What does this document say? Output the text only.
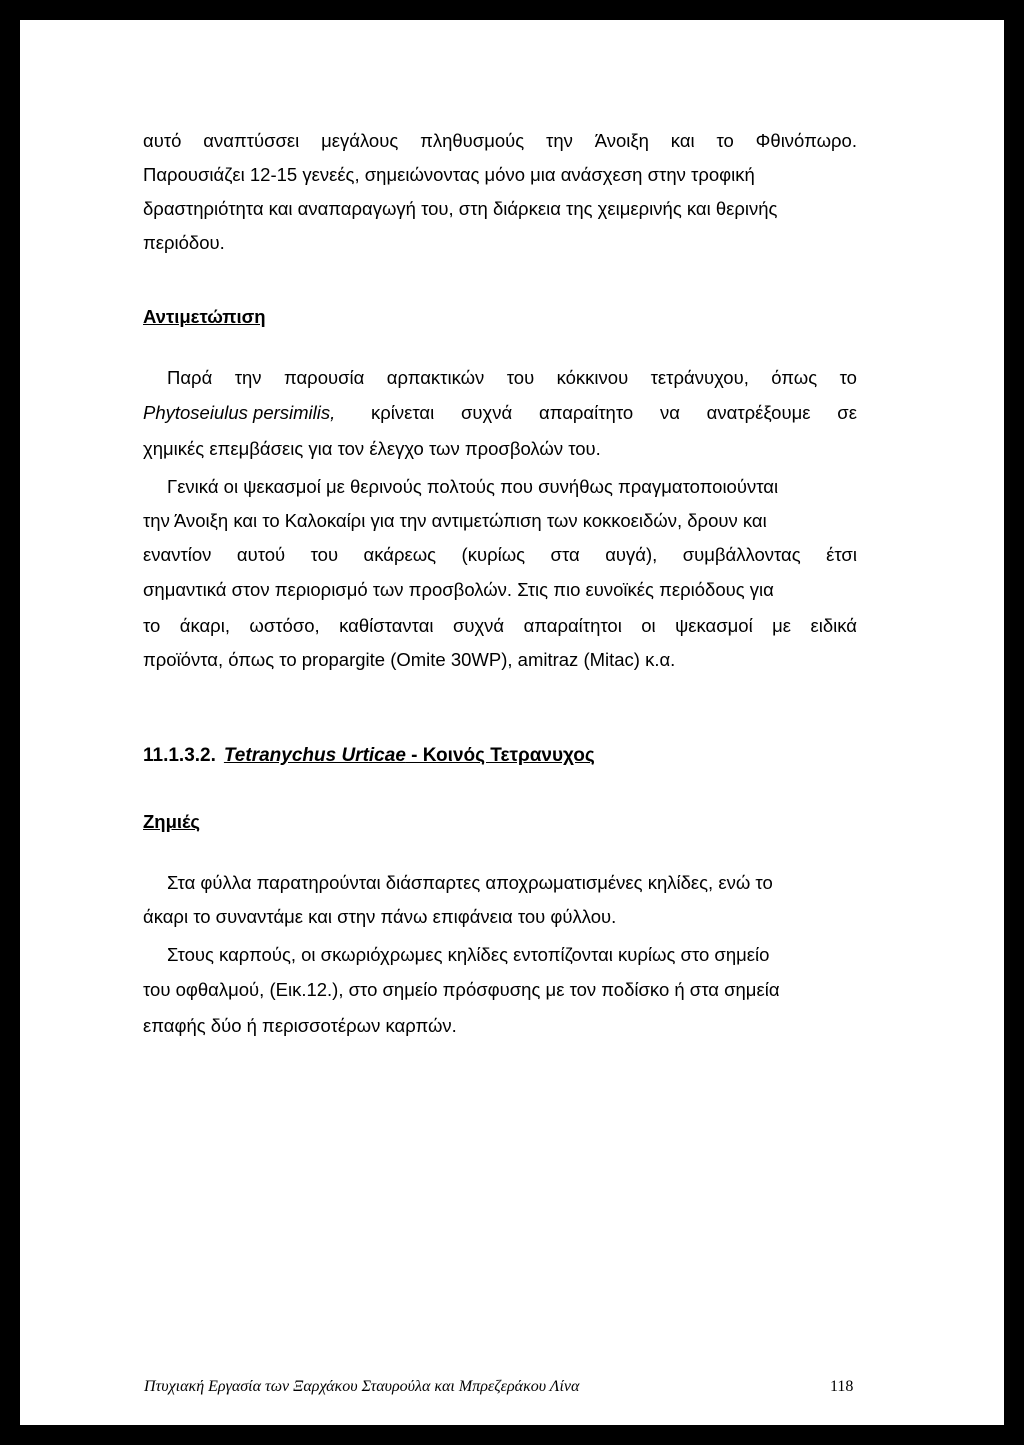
αυτό αναπτύσσει μεγάλους πληθυσμούς την Άνοιξη και το Φθινόπωρο.
Παρουσιάζει 12-15 γενεές, σημειώνοντας μόνο μια ανάσχεση στην τροφική
δραστηριότητα και αναπαραγωγή του, στη διάρκεια της χειμερινής και θερινής
περιόδου.
Αντιμετώπιση
Παρά την παρουσία αρπακτικών του κόκκινου τετράνυχου, όπως το
Phytoseiulus persimilis, κρίνεται συχνά απαραίτητο να ανατρέξουμε σε
χημικές επεμβάσεις για τον έλεγχο των προσβολών του.
Γενικά οι ψεκασμοί με θερινούς πολτούς που συνήθως πραγματοποιούνται
την Άνοιξη και το Καλοκαίρι για την αντιμετώπιση των κοκκοειδών, δρουν και
εναντίον αυτού του ακάρεως (κυρίως στα αυγά), συμβάλλοντας έτσι
σημαντικά στον περιορισμό των προσβολών. Στις πιο ευνοϊκές περιόδους για
το άκαρι, ωστόσο, καθίστανται συχνά απαραίτητοι οι ψεκασμοί με ειδικά
προϊόντα, όπως το propargite (Omite 30WP), amitraz (Mitac) κ.α.
11.1.3.2. Tetranychus Urticae - Κοινός Τετρανυχος
Ζημιές
Στα φύλλα παρατηρούνται διάσπαρτες αποχρωματισμένες κηλίδες, ενώ το
άκαρι το συναντάμε και στην πάνω επιφάνεια του φύλλου.
Στους καρπούς, οι σκωριόχρωμες κηλίδες εντοπίζονται κυρίως στο σημείο
του οφθαλμού, (Εικ.12.), στο σημείο πρόσφυσης με τον ποδίσκο ή στα σημεία
επαφής δύο ή περισσοτέρων καρπών.
Πτυχιακή Εργασία των Ξαρχάκου Σταυρούλα και Μπρεζεράκου Λίνα	118
